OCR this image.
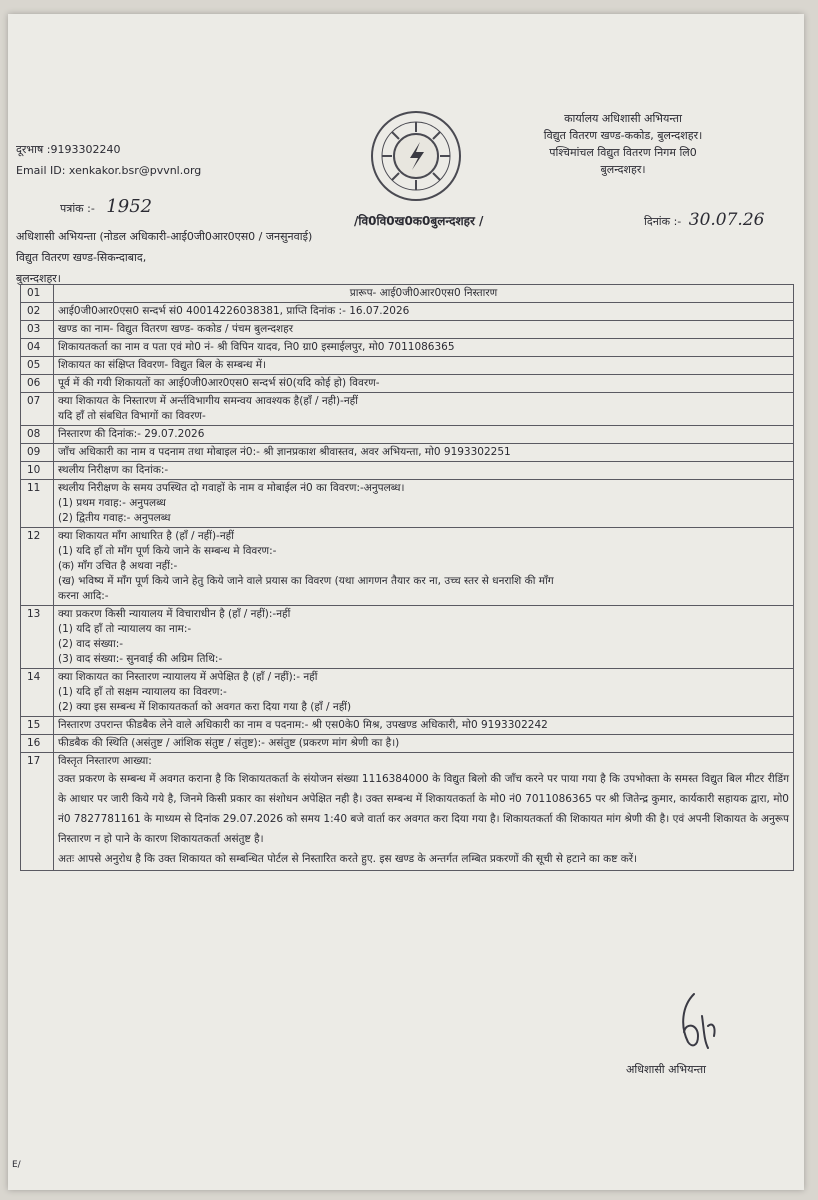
दूरभाष :9193302240
Email ID: xenkakor.bsr@pvvnl.org
कार्यालय अधिशासी अभियन्ता
विद्युत वितरण खण्ड-ककोड, बुलन्दशहर।
पश्चिमांचल विद्युत वितरण निगम लि0
बुलन्दशहर।
पत्रांक :- 1952
/वि0वि0ख0क0बुलन्दशहर /	दिनांक :- 30.07.26
अधिशासी अभियन्ता (नोडल अधिकारी-आई0जी0आर0एस0 / जनसुनवाई)
विद्युत वितरण खण्ड-सिकन्दाबाद,
बुलन्दशहर।
01	प्रारूप- आई0जी0आर0एस0 निस्तारण

02	आई0जी0आर0एस0 सन्दर्भ सं0 40014226038381, प्राप्ति दिनांक :- 16.07.2026

03	खण्ड का नाम- विद्युत वितरण खण्ड- ककोड / पंचम बुलन्दशहर

04	शिकायतकर्ता का नाम व पता एवं मो0 नं- श्री विपिन यादव, नि0 ग्रा0 इस्माईलपुर, मो0 7011086365

05	शिकायत का संक्षिप्त विवरण- विद्युत बिल के सम्बन्ध में।

06	पूर्व में की गयी शिकायतों का आई0जी0आर0एस0 सन्दर्भ सं0(यदि कोई हो) विवरण-

07	क्या शिकायत के निस्तारण में अर्न्तविभागीय समन्वय आवश्यक है(हॉं / नही)-नहीं
यदि हॉं तो संबधित विभागों का विवरण-

08	निस्तारण की दिनांक:- 29.07.2026

09	जॉंच अधिकारी का नाम व पदनाम तथा मोबाइल नं0:- श्री ज्ञानप्रकाश श्रीवास्तव, अवर अभियन्ता, मो0 9193302251

10	स्थलीय निरीक्षण का दिनांक:-

11	स्थलीय निरीक्षण के समय उपस्थित दो गवाहों के नाम व मोबाईल नं0 का विवरण:-अनुपलब्ध।
(1) प्रथम गवाह:- अनुपलब्ध
(2) द्वितीय गवाह:- अनुपलब्ध

12	क्या शिकायत मॉंग आधारित है (हॉं / नहीं)-नहीं
(1) यदि हॉं तो मॉंग पूर्ण किये जाने के सम्बन्ध मे विवरण:-
(क) मॉंग उचित है अथवा नहीं:-
(ख) भविष्य में मॉंग पूर्ण किये जाने हेतु किये जाने वाले प्रयास का विवरण (यथा आगणन तैयार कर ना, उच्च स्तर से धनराशि की मॉंग
करना आदि:-

13	क्या प्रकरण किसी न्यायालय में विचाराधीन है (हॉं / नहीं):-नहीं
(1) यदि हॉं तो न्यायालय का नाम:-
(2) वाद संख्या:-
(3) वाद संख्या:- सुनवाई की अग्रिम तिथि:-

14	क्या शिकायत का निस्तारण न्यायालय में अपेक्षित है (हॉं / नहीं):- नहीं
(1) यदि हॉं तो सक्षम न्यायालय का विवरण:-
(2) क्या इस सम्बन्ध में शिकायतकर्ता को अवगत करा दिया गया है (हॉं / नहीं)

15	निस्तारण उपरान्त फीडबैक लेने वाले अधिकारी का नाम व पदनाम:- श्री एस0के0 मिश्र, उपखण्ड अधिकारी, मो0 9193302242

16	फीडबैक की स्थिति (असंतुष्ट / आंशिक संतुष्ट / संतुष्ट):- असंतुष्ट (प्रकरण मांग श्रेणी का है।)

17	विस्तृत निस्तारण आख्या:
उक्त प्रकरण के सम्बन्ध में अवगत कराना है कि शिकायतकर्ता के संयोजन संख्या 1116384000 के विद्युत बिलो की जॉंच करने पर पाया गया है कि उपभोक्ता के समस्त विद्युत बिल मीटर रीडिंग के आधार पर जारी किये गये है, जिनमे किसी प्रकार का संशोधन अपेक्षित नही है। उक्त सम्बन्ध में शिकायतकर्ता के मो0 नं0 7011086365 पर श्री जितेन्द्र कुमार, कार्यकारी सहायक द्वारा, मो0 नं0 7827781161 के माध्यम से दिनांक 29.07.2026 को समय 1:40 बजे वार्ता कर अवगत करा दिया गया है। शिकायतकर्ता की शिकायत मांग श्रेणी की है। एवं अपनी शिकायत के अनुरूप निस्तारण न हो पाने के कारण शिकायतकर्ता असंतुष्ट है।
अतः आपसे अनुरोध है कि उक्त शिकायत को सम्बन्धित पोर्टल से निस्तारित करते हुए. इस खण्ड के अन्तर्गत लम्बित प्रकरणों की सूची से हटाने का कष्ट करें।
अधिशासी अभियन्ता
E/
